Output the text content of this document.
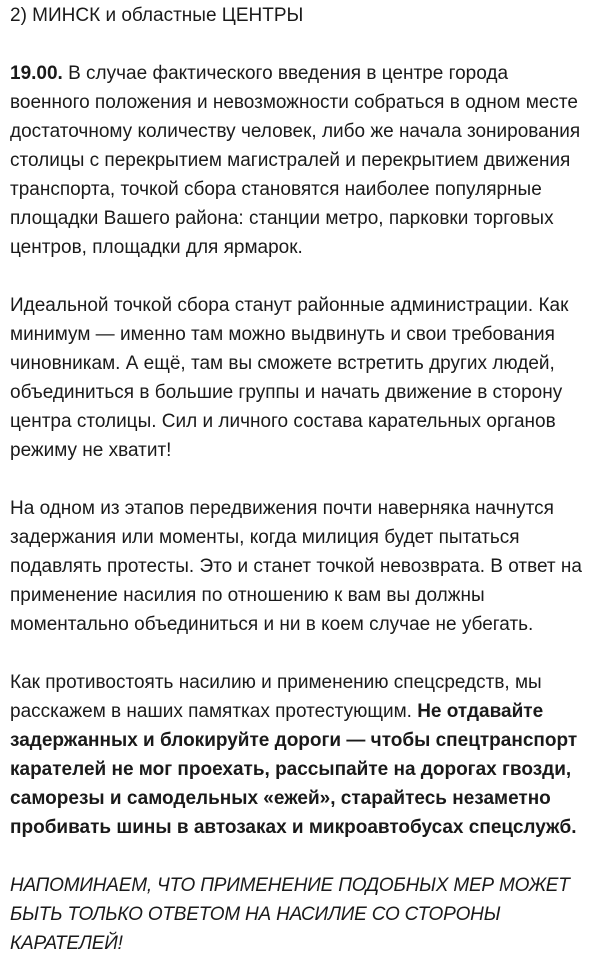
2) МИНСК и областные ЦЕНТРЫ

19.00. В случае фактического введения в центре города военного положения и невозможности собраться в одном месте достаточному количеству человек, либо же начала зонирования столицы с перекрытием магистралей и перекрытием движения транспорта, точкой сбора становятся наиболее популярные площадки Вашего района: станции метро, парковки торговых центров, площадки для ярмарок.

Идеальной точкой сбора станут районные администрации. Как минимум — именно там можно выдвинуть и свои требования чиновникам. А ещё, там вы сможете встретить других людей, объединиться в большие группы и начать движение в сторону центра столицы. Сил и личного состава карательных органов режиму не хватит!

На одном из этапов передвижения почти наверняка начнутся задержания или моменты, когда милиция будет пытаться подавлять протесты. Это и станет точкой невозврата. В ответ на применение насилия по отношению к вам вы должны моментально объединиться и ни в коем случае не убегать.

Как противостоять насилию и применению спецсредств, мы расскажем в наших памятках протестующим. Не отдавайте задержанных и блокируйте дороги — чтобы спецтранспорт карателей не мог проехать, рассыпайте на дорогах гвозди, саморезы и самодельных «ежей», старайтесь незаметно пробивать шины в автозаках и микроавтобусах спецслужб.

НАПОМИНАЕМ, ЧТО ПРИМЕНЕНИЕ ПОДОБНЫХ МЕР МОЖЕТ БЫТЬ ТОЛЬКО ОТВЕТОМ НА НАСИЛИЕ СО СТОРОНЫ КАРАТЕЛЕЙ!
